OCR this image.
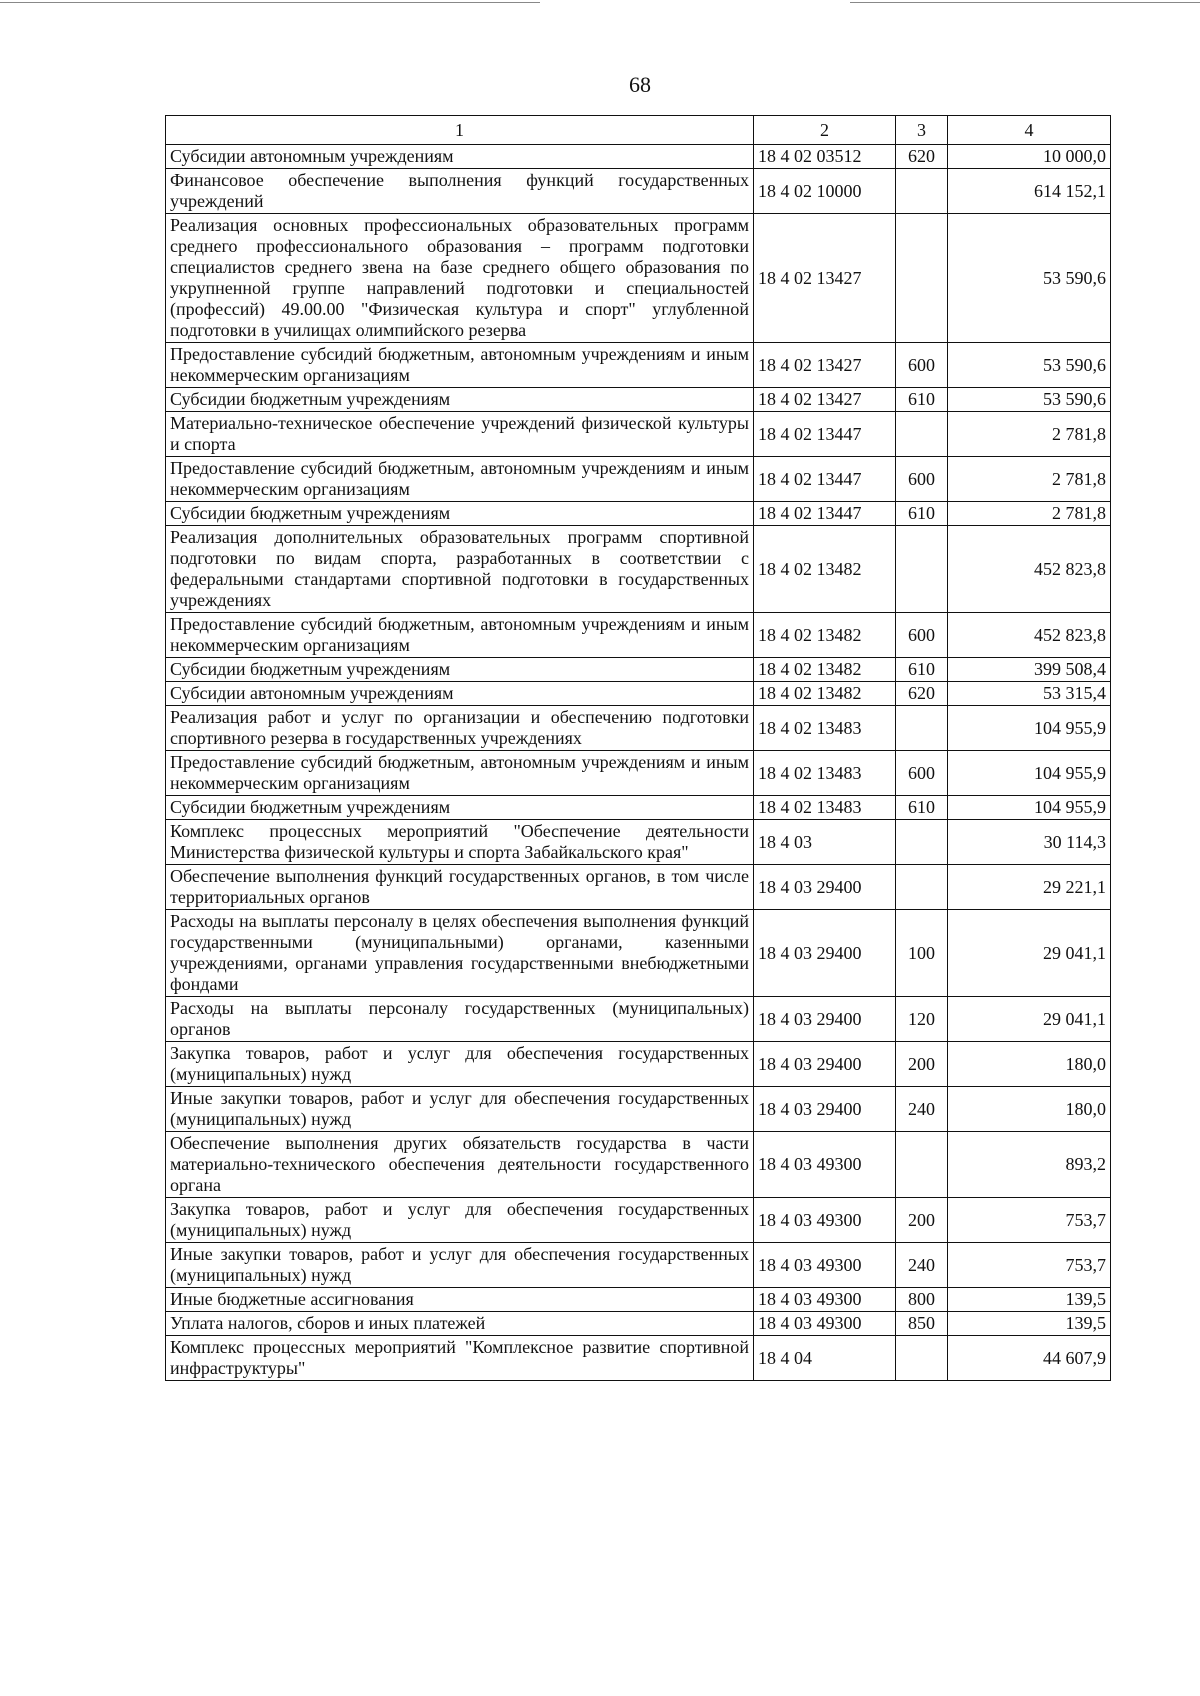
68
1	2	3	4
Субсидии автономным учреждениям	18 4 02 03512	620	10 000,0
Финансовое обеспечение выполнения функций государственных учреждений	18 4 02 10000		614 152,1
Реализация основных профессиональных образовательных программ среднего профессионального образования – программ подготовки специалистов среднего звена на базе среднего общего образования по укрупненной группе направлений подготовки и специальностей (профессий) 49.00.00 "Физическая культура и спорт" углубленной подготовки в училищах олимпийского резерва	18 4 02 13427		53 590,6
Предоставление субсидий бюджетным, автономным учреждениям и иным некоммерческим организациям	18 4 02 13427	600	53 590,6
Субсидии бюджетным учреждениям	18 4 02 13427	610	53 590,6
Материально-техническое обеспечение учреждений физической культуры и спорта	18 4 02 13447		2 781,8
Предоставление субсидий бюджетным, автономным учреждениям и иным некоммерческим организациям	18 4 02 13447	600	2 781,8
Субсидии бюджетным учреждениям	18 4 02 13447	610	2 781,8
Реализация дополнительных образовательных программ спортивной подготовки по видам спорта, разработанных в соответствии с федеральными стандартами спортивной подготовки в государственных учреждениях	18 4 02 13482		452 823,8
Предоставление субсидий бюджетным, автономным учреждениям и иным некоммерческим организациям	18 4 02 13482	600	452 823,8
Субсидии бюджетным учреждениям	18 4 02 13482	610	399 508,4
Субсидии автономным учреждениям	18 4 02 13482	620	53 315,4
Реализация работ и услуг по организации и обеспечению подготовки спортивного резерва в государственных учреждениях	18 4 02 13483		104 955,9
Предоставление субсидий бюджетным, автономным учреждениям и иным некоммерческим организациям	18 4 02 13483	600	104 955,9
Субсидии бюджетным учреждениям	18 4 02 13483	610	104 955,9
Комплекс процессных мероприятий "Обеспечение деятельности Министерства физической культуры и спорта Забайкальского края"	18 4 03		30 114,3
Обеспечение выполнения функций государственных органов, в том числе территориальных органов	18 4 03 29400		29 221,1
Расходы на выплаты персоналу в целях обеспечения выполнения функций государственными (муниципальными) органами, казенными учреждениями, органами управления государственными внебюджетными фондами	18 4 03 29400	100	29 041,1
Расходы на выплаты персоналу государственных (муниципальных) органов	18 4 03 29400	120	29 041,1
Закупка товаров, работ и услуг для обеспечения государственных (муниципальных) нужд	18 4 03 29400	200	180,0
Иные закупки товаров, работ и услуг для обеспечения государственных (муниципальных) нужд	18 4 03 29400	240	180,0
Обеспечение выполнения других обязательств государства в части материально-технического обеспечения деятельности государственного органа	18 4 03 49300		893,2
Закупка товаров, работ и услуг для обеспечения государственных (муниципальных) нужд	18 4 03 49300	200	753,7
Иные закупки товаров, работ и услуг для обеспечения государственных (муниципальных) нужд	18 4 03 49300	240	753,7
Иные бюджетные ассигнования	18 4 03 49300	800	139,5
Уплата налогов, сборов и иных платежей	18 4 03 49300	850	139,5
Комплекс процессных мероприятий "Комплексное развитие спортивной инфраструктуры"	18 4 04		44 607,9
